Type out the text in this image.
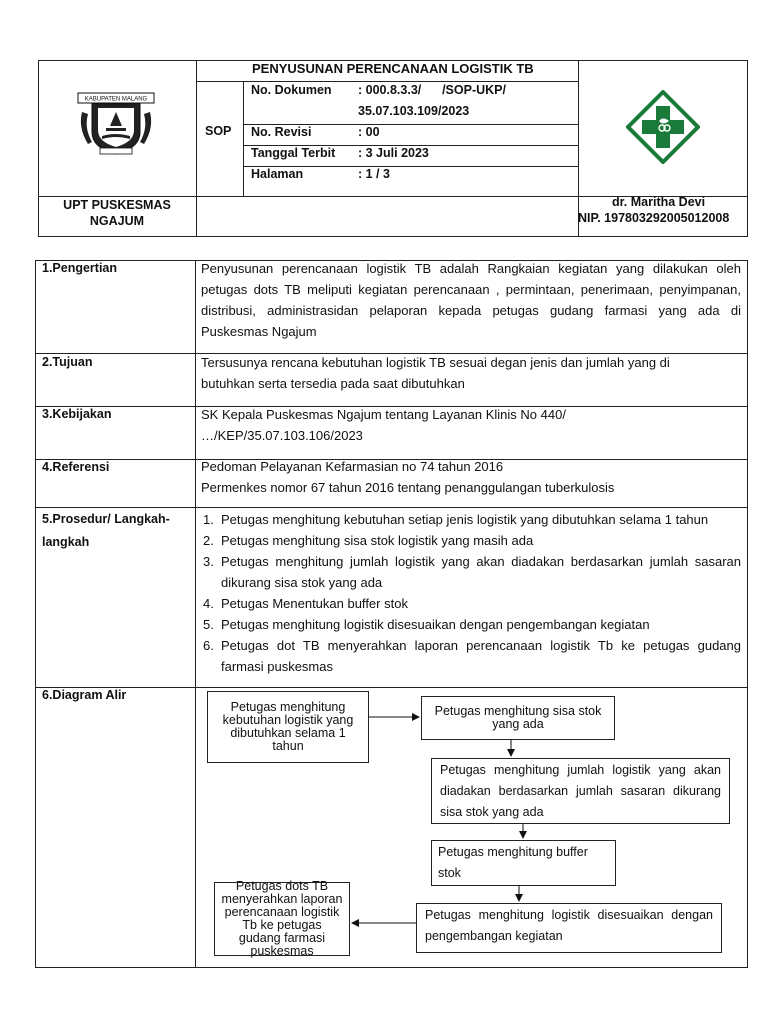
PENYUSUNAN PERENCANAAN LOGISTIK TB
KABUPATEN MALANG
SOP
No. Dokumen : 000.8.3.3/      /SOP-UKP/
35.07.103.109/2023
No. Revisi	: 00
Tanggal Terbit : 3 Juli 2023
Halaman	: 1 / 3
UPT PUSKESMAS
NGAJUM
dr. Maritha Devi
NIP. 197803292005012008
1.Pengertian	Penyusunan perencanaan logistik TB adalah Rangkaian kegiatan yang dilakukan oleh petugas dots TB meliputi kegiatan perencanaan , permintaan, penerimaan, penyimpanan, distribusi, administrasidan pelaporan kepada petugas gudang farmasi yang ada di Puskesmas Ngajum
2.Tujuan	Tersusunya rencana kebutuhan logistik TB sesuai degan jenis dan jumlah yang di
butuhkan serta tersedia pada saat dibutuhkan
3.Kebijakan	SK Kepala Puskesmas Ngajum tentang Layanan Klinis No 440/
…/KEP/35.07.103.106/2023
4.Referensi	Pedoman Pelayanan Kefarmasian no 74 tahun 2016
Permenkes nomor 67 tahun 2016 tentang penanggulangan tuberkulosis
5.Prosedur/ Langkah-
langkah
1. Petugas menghitung kebutuhan setiap jenis logistik yang dibutuhkan selama 1 tahun
2. Petugas menghitung sisa stok logistik yang masih ada
3. Petugas menghitung jumlah logistik yang akan diadakan berdasarkan jumlah sasaran dikurang sisa stok yang ada
4. Petugas Menentukan buffer stok
5. Petugas menghitung logistik disesuaikan dengan pengembangan kegiatan
6. Petugas dot TB menyerahkan laporan perencanaan logistik Tb ke petugas gudang farmasi puskesmas
6.Diagram Alir
Petugas menghitung kebutuhan logistik yang dibutuhkan selama 1 tahun
Petugas menghitung sisa stok yang ada
Petugas menghitung jumlah logistik yang akan diadakan berdasarkan jumlah sasaran dikurang sisa stok yang ada
Petugas menghitung buffer stok
Petugas menghitung logistik disesuaikan dengan pengembangan kegiatan
Petugas dots TB menyerahkan laporan perencanaan logistik Tb ke petugas gudang farmasi puskesmas
